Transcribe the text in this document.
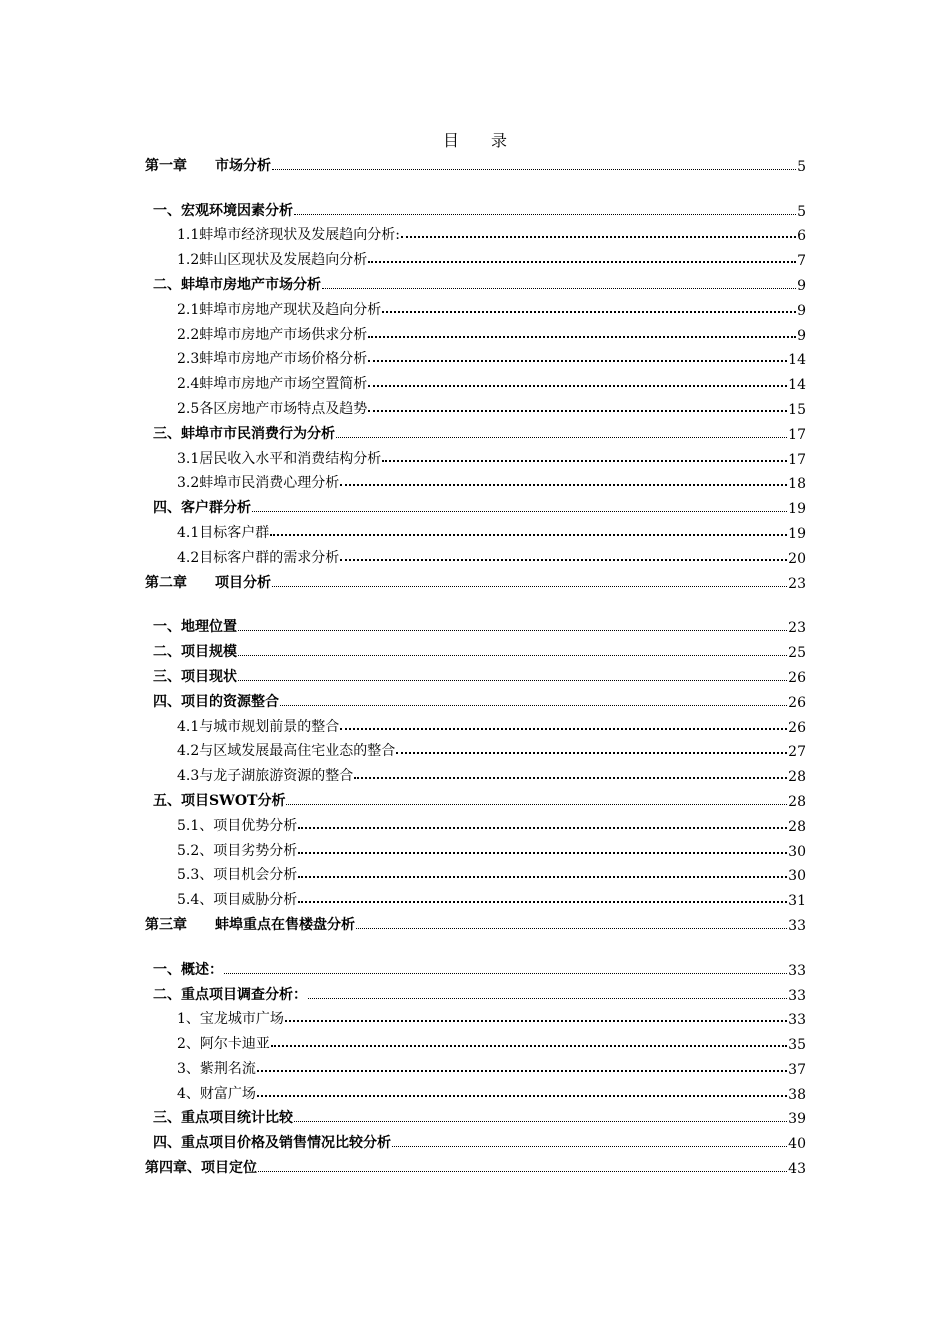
目录
第一章　　市场分析	5
一、宏观环境因素分析	5
1.1蚌埠市经济现状及发展趋向分析:	6
1.2蚌山区现状及发展趋向分析	7
二、蚌埠市房地产市场分析	9
2.1蚌埠市房地产现状及趋向分析	9
2.2蚌埠市房地产市场供求分析	9
2.3蚌埠市房地产市场价格分析	14
2.4蚌埠市房地产市场空置简析	14
2.5各区房地产市场特点及趋势	15
三、蚌埠市市民消费行为分析	17
3.1居民收入水平和消费结构分析	17
3.2蚌埠市民消费心理分析	18
四、客户群分析	19
4.1目标客户群	19
4.2目标客户群的需求分析	20
第二章　　项目分析	23
一、地理位置	23
二、项目规模	25
三、项目现状	26
四、项目的资源整合	26
4.1与城市规划前景的整合	26
4.2与区域发展最高住宅业态的整合	27
4.3与龙子湖旅游资源的整合	28
五、项目SWOT分析	28
5.1、项目优势分析	28
5.2、项目劣势分析	30
5.3、项目机会分析	30
5.4、项目威胁分析	31
第三章　　蚌埠重点在售楼盘分析	33
一、概述：	33
二、重点项目调查分析：	33
1、宝龙城市广场	33
2、阿尔卡迪亚	35
3、紫荆名流	37
4、财富广场	38
三、重点项目统计比较	39
四、重点项目价格及销售情况比较分析	40
第四章、项目定位	43
